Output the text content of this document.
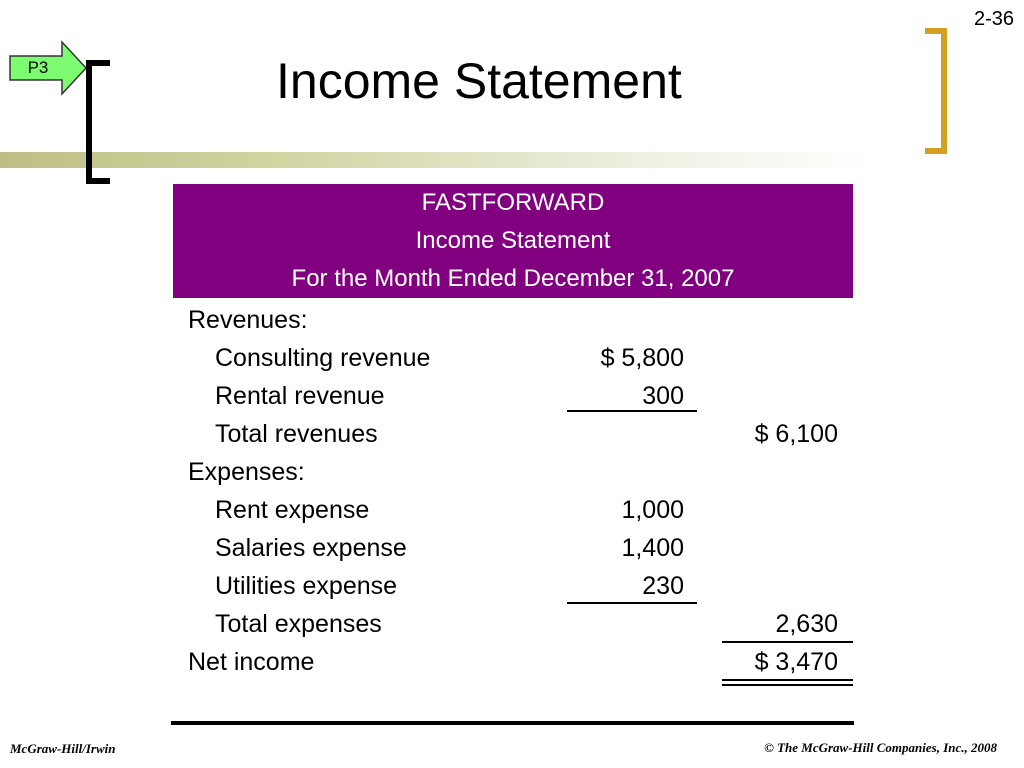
P3
2-36
Income Statement
FASTFORWARD
Income Statement
For the Month Ended December 31, 2007
Revenues:
Consulting revenue	$ 5,800
Rental revenue	300
Total revenues	$ 6,100
Expenses:
Rent expense	1,000
Salaries expense	1,400
Utilities expense	230
Total expenses	2,630
Net income	$ 3,470
McGraw-Hill/Irwin	© The McGraw-Hill Companies, Inc., 2008
